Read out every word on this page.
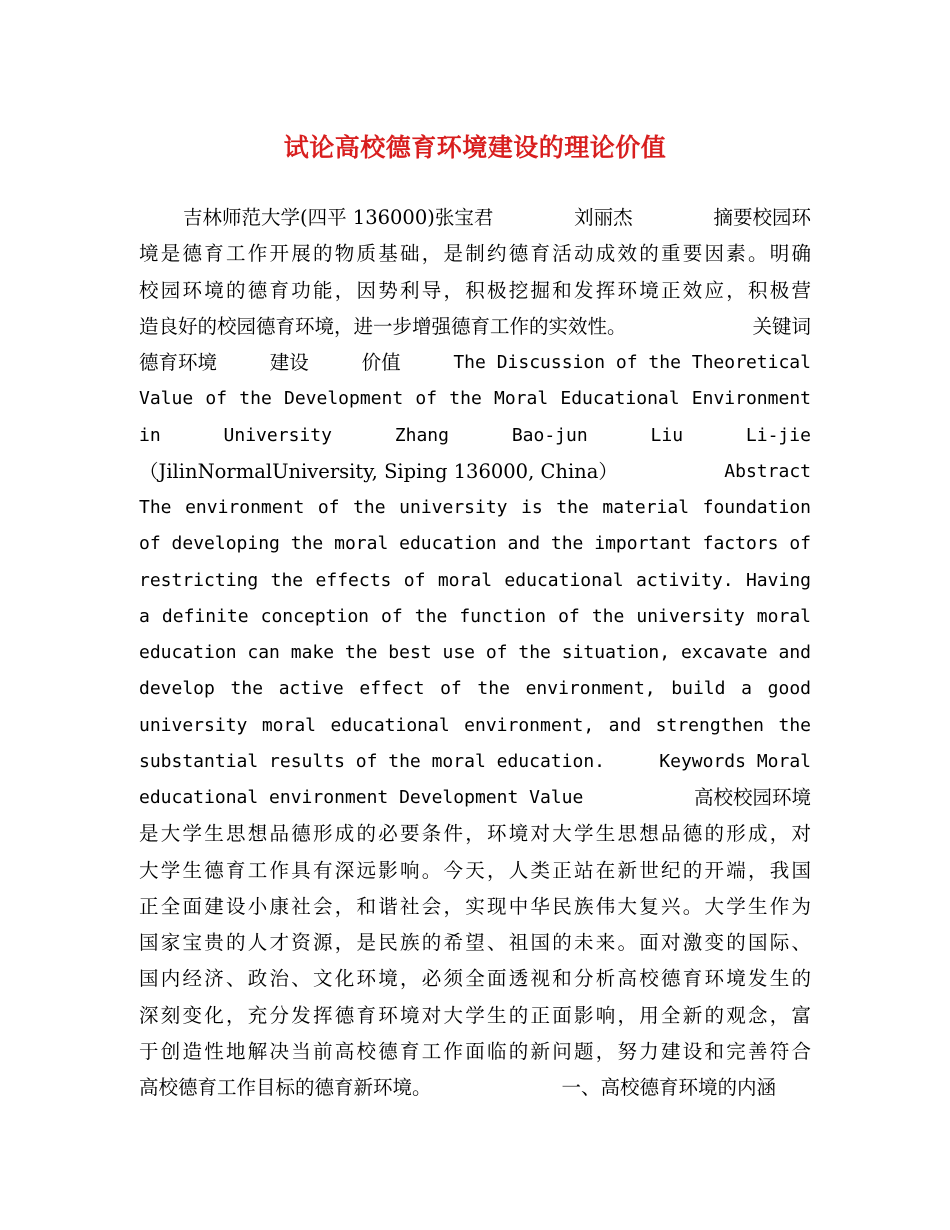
试论高校德育环境建设的理论价值
吉林师范大学(四平 136000)张宝君	刘丽杰	摘要校园环
境是德育工作开展的物质基础，是制约德育活动成效的重要因素。明确
校园环境的德育功能，因势利导，积极挖掘和发挥环境正效应，积极营
造良好的校园德育环境，进一步增强德育工作的实效性。	关键词
德育环境	建设	价值	The Discussion of the Theoretical
Value of the Development of the Moral Educational Environment
in	University	Zhang	Bao-jun	Liu	Li-jie
（JilinNormalUniversity, Siping 136000, China）	Abstract
The environment of the university is the material foundation
of developing the moral education and the important factors of
restricting the effects of moral educational activity. Having
a definite conception of the function of the university moral
education can make the best use of the situation, excavate and
develop the active effect of the environment, build a good
university moral educational environment, and strengthen the
substantial results of the moral education.	Keywords Moral
educational environment Development Value	高校校园环境
是大学生思想品德形成的必要条件，环境对大学生思想品德的形成，对
大学生德育工作具有深远影响。今天，人类正站在新世纪的开端，我国
正全面建设小康社会，和谐社会，实现中华民族伟大复兴。大学生作为
国家宝贵的人才资源，是民族的希望、祖国的未来。面对激变的国际、
国内经济、政治、文化环境，必须全面透视和分析高校德育环境发生的
深刻变化，充分发挥德育环境对大学生的正面影响，用全新的观念，富
于创造性地解决当前高校德育工作面临的新问题，努力建设和完善符合
高校德育工作目标的德育新环境。	一、高校德育环境的内涵
